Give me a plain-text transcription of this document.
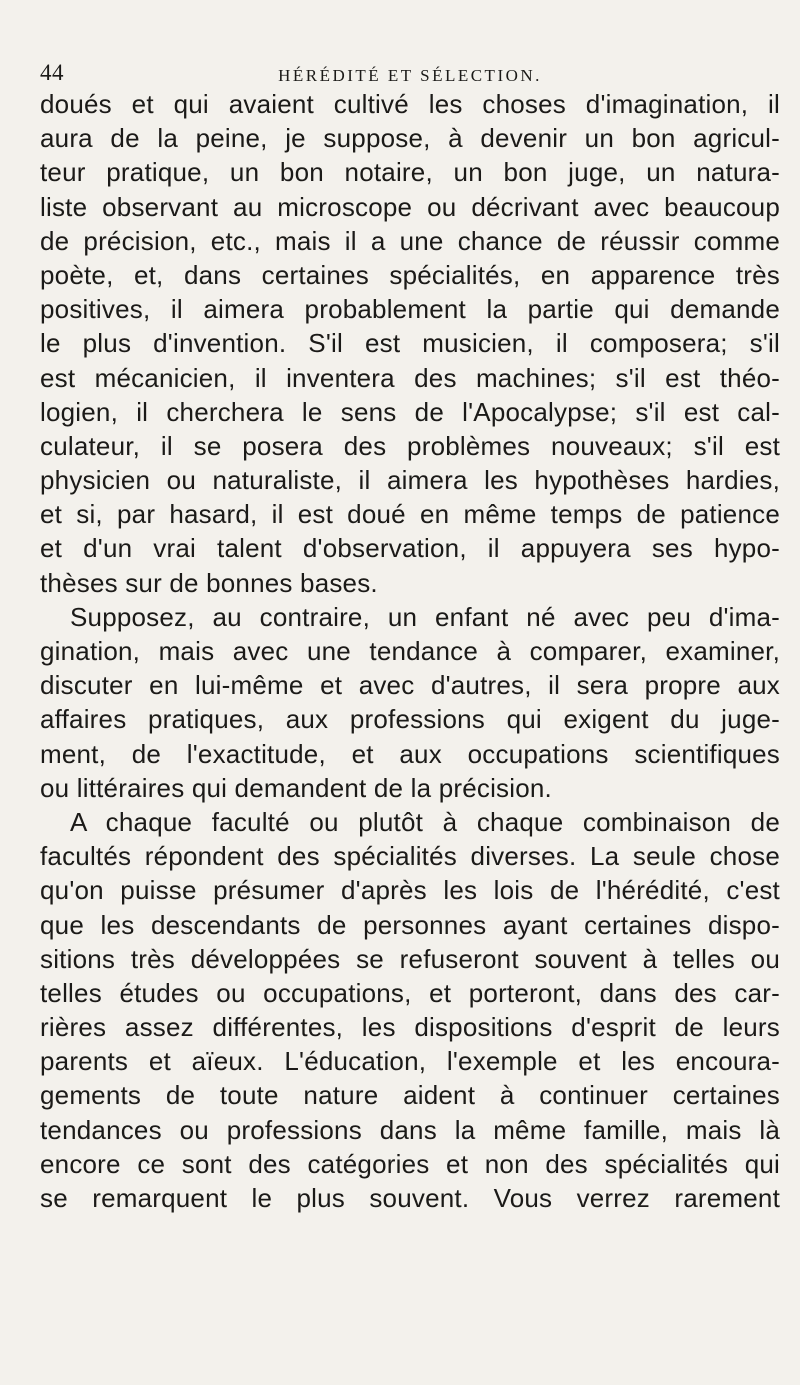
44	HÉRÉDITÉ ET SÉLECTION.
doués et qui avaient cultivé les choses d'imagination, il
aura de la peine, je suppose, à devenir un bon agricul-
teur pratique, un bon notaire, un bon juge, un natura-
liste observant au microscope ou décrivant avec beaucoup
de précision, etc., mais il a une chance de réussir comme
poète, et, dans certaines spécialités, en apparence très
positives, il aimera probablement la partie qui demande
le plus d'invention. S'il est musicien, il composera; s'il
est mécanicien, il inventera des machines; s'il est théo-
logien, il cherchera le sens de l'Apocalypse; s'il est cal-
culateur, il se posera des problèmes nouveaux; s'il est
physicien ou naturaliste, il aimera les hypothèses hardies,
et si, par hasard, il est doué en même temps de patience
et d'un vrai talent d'observation, il appuyera ses hypo-
thèses sur de bonnes bases.
Supposez, au contraire, un enfant né avec peu d'ima-
gination, mais avec une tendance à comparer, examiner,
discuter en lui-même et avec d'autres, il sera propre aux
affaires pratiques, aux professions qui exigent du juge-
ment, de l'exactitude, et aux occupations scientifiques
ou littéraires qui demandent de la précision.
A chaque faculté ou plutôt à chaque combinaison de
facultés répondent des spécialités diverses. La seule chose
qu'on puisse présumer d'après les lois de l'hérédité, c'est
que les descendants de personnes ayant certaines dispo-
sitions très développées se refuseront souvent à telles ou
telles études ou occupations, et porteront, dans des car-
rières assez différentes, les dispositions d'esprit de leurs
parents et aïeux. L'éducation, l'exemple et les encoura-
gements de toute nature aident à continuer certaines
tendances ou professions dans la même famille, mais là
encore ce sont des catégories et non des spécialités qui
se remarquent le plus souvent. Vous verrez rarement
